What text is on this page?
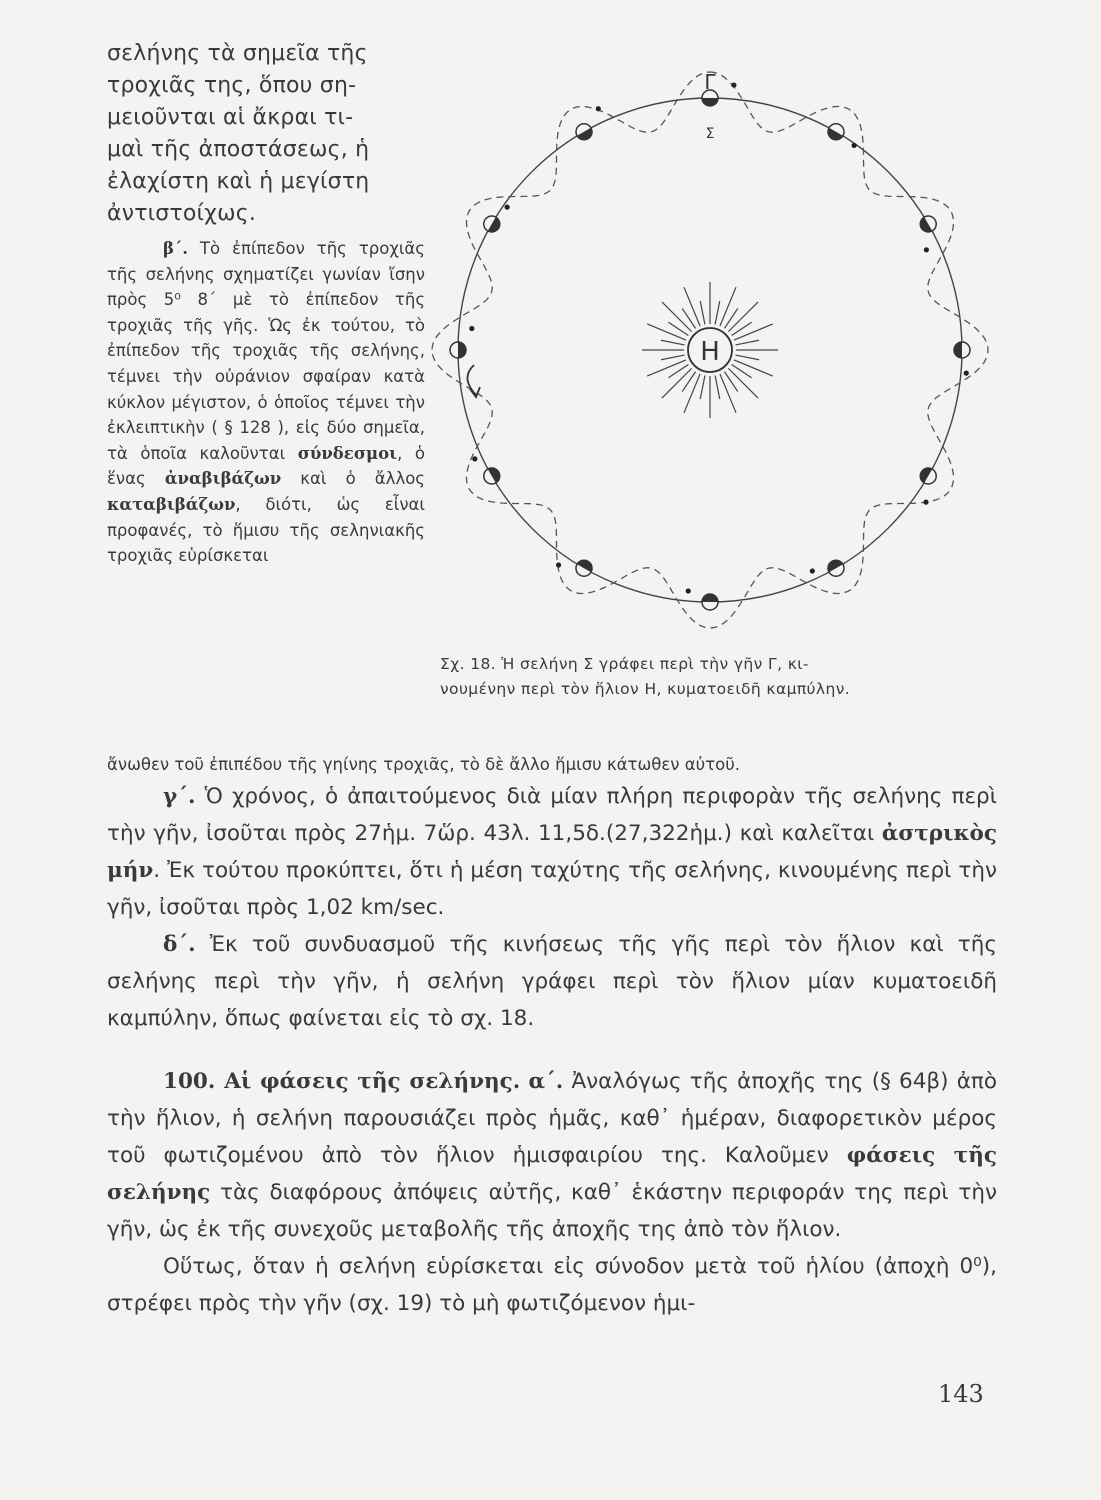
σελήνης τὰ σημεῖα τῆς

τροχιᾶς της, ὅπου ση-

μειοῦνται αἱ ἄκραι τι-

μαὶ τῆς ἀποστάσεως, ἡ

ἐλαχίστη καὶ ἡ μεγίστη

ἀντιστοίχως.

β΄. Τὸ ἐπίπεδον τῆς τροχιᾶς τῆς σελήνης σχηματίζει γωνίαν ἴσην πρὸς 5⁰ 8΄ μὲ τὸ ἐπίπεδον τῆς τροχιᾶς τῆς γῆς. Ὡς ἐκ τούτου, τὸ ἐπίπεδον τῆς τροχιᾶς τῆς σελήνης, τέμνει τὴν οὐράνιον σφαίραν κατὰ κύκλον μέγιστον, ὁ ὁποῖος τέμνει τὴν ἐκλειπτικὴν ( § 128 ), εἰς δύο σημεῖα, τὰ ὁποῖα καλοῦνται σύνδεσμοι, ὁ ἕνας ἀναβιβάζων καὶ ὁ ἄλλος καταβιβάζων, διότι, ὡς εἶναι προφανές, τὸ ἥμισυ τῆς σεληνιακῆς τροχιᾶς εὑρίσκεται

Η
Γ
Σ

Σχ. 18. Ἡ σελήνη Σ γράφει περὶ τὴν γῆν Γ, κι-

νουμένην περὶ τὸν ἥλιον Η, κυματοειδῆ καμπύλην.

ἄνωθεν τοῦ ἐπιπέδου τῆς γηίνης τροχιᾶς, τὸ δὲ ἄλλο ἥμισυ κάτωθεν αὐτοῦ.

γ΄. Ὁ χρόνος, ὁ ἀπαιτούμενος διὰ μίαν πλήρη περιφορὰν τῆς σελήνης περὶ τὴν γῆν, ἰσοῦται πρὸς 27ἡμ. 7ὥρ. 43λ. 11,5δ.(27,322ἡμ.) καὶ καλεῖται ἀστρικὸς μήν. Ἐκ τούτου προκύπτει, ὅτι ἡ μέση ταχύτης τῆς σελήνης, κινουμένης περὶ τὴν γῆν, ἰσοῦται πρὸς 1,02 km/sec.

δ΄. Ἐκ τοῦ συνδυασμοῦ τῆς κινήσεως τῆς γῆς περὶ τὸν ἥλιον καὶ τῆς σελήνης περὶ τὴν γῆν, ἡ σελήνη γράφει περὶ τὸν ἥλιον μίαν κυματοειδῆ καμπύλην, ὅπως φαίνεται εἰς τὸ σχ. 18.

100. Αἱ φάσεις τῆς σελήνης. α΄. Ἀναλόγως τῆς ἀποχῆς της (§ 64β) ἀπὸ τὴν ἥλιον, ἡ σελήνη παρουσιάζει πρὸς ἡμᾶς, καθ᾽ ἡμέραν, διαφορετικὸν μέρος τοῦ φωτιζομένου ἀπὸ τὸν ἥλιον ἡμισφαιρίου της. Καλοῦμεν φάσεις τῆς σελήνης τὰς διαφόρους ἀπόψεις αὐτῆς, καθ᾽ ἑκάστην περιφοράν της περὶ τὴν γῆν, ὡς ἐκ τῆς συνεχοῦς μεταβολῆς τῆς ἀποχῆς της ἀπὸ τὸν ἥλιον.

Οὕτως, ὅταν ἡ σελήνη εὑρίσκεται εἰς σύνοδον μετὰ τοῦ ἡλίου (ἀποχὴ 0⁰), στρέφει πρὸς τὴν γῆν (σχ. 19) τὸ μὴ φωτιζόμενον ἡμι-

143
